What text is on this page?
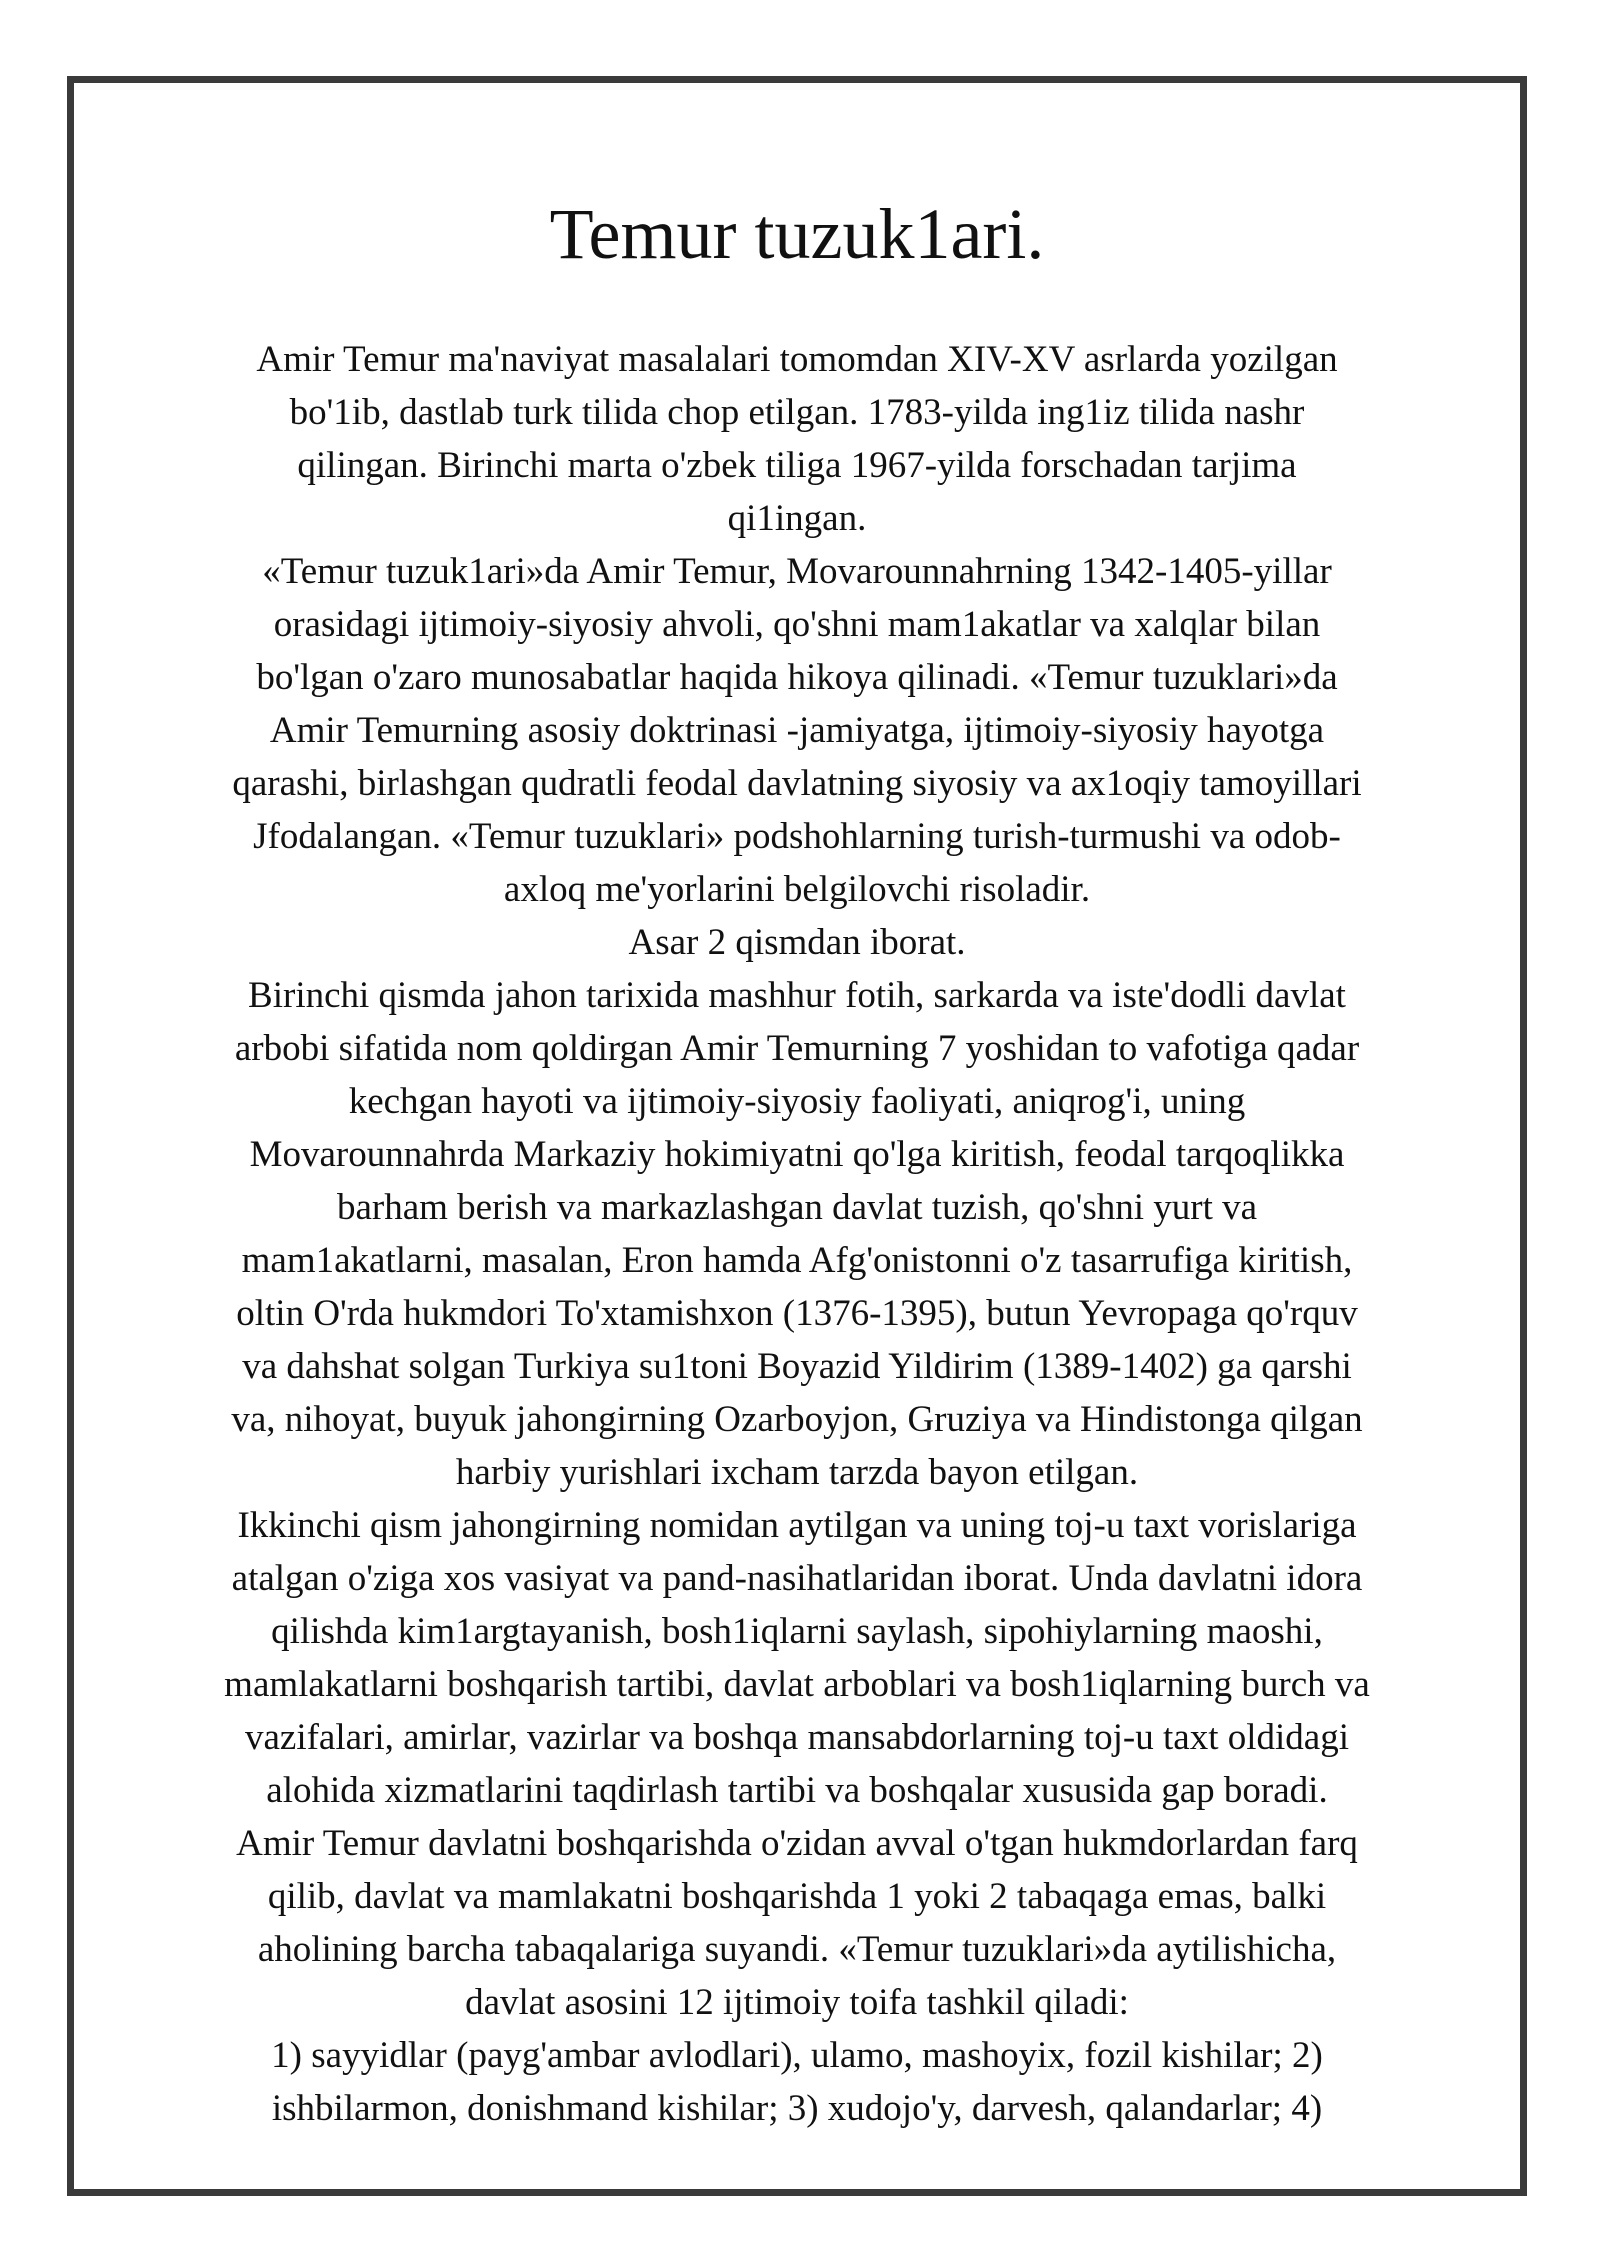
Temur tuzuk1ari.
Amir Temur ma'naviyat masalalari tomomdan XIV-XV asrlarda yozilgan
bo'1ib, dastlab turk tilida chop etilgan. 1783-yilda ing1iz tilida nashr
qilingan. Birinchi marta o'zbek tiliga 1967-yilda forschadan tarjima
qi1ingan.
«Temur tuzuk1ari»da Amir Temur, Movarounnahrning 1342-1405-yillar
orasidagi ijtimoiy-siyosiy ahvoli, qo'shni mam1akatlar va xalqlar bilan
bo'lgan o'zaro munosabatlar haqida hikoya qilinadi. «Temur tuzuklari»da
Amir Temurning asosiy doktrinasi -jamiyatga, ijtimoiy-siyosiy hayotga
qarashi, birlashgan qudratli feodal davlatning siyosiy va ax1oqiy tamoyillari
Jfodalangan. «Temur tuzuklari» podshohlarning turish-turmushi va odob-
axloq me'yorlarini belgilovchi risoladir.
Asar 2 qismdan iborat.
Birinchi qismda jahon tarixida mashhur fotih, sarkarda va iste'dodli davlat
arbobi sifatida nom qoldirgan Amir Temurning 7 yoshidan to vafotiga qadar
kechgan hayoti va ijtimoiy-siyosiy faoliyati, aniqrog'i, uning
Movarounnahrda Markaziy hokimiyatni qo'lga kiritish, feodal tarqoqlikka
barham berish va markazlashgan davlat tuzish, qo'shni yurt va
mam1akatlarni, masalan, Eron hamda Afg'onistonni o'z tasarrufiga kiritish,
oltin O'rda hukmdori To'xtamishxon (1376-1395), butun Yevropaga qo'rquv
va dahshat solgan Turkiya su1toni Boyazid Yildirim (1389-1402) ga qarshi
va, nihoyat, buyuk jahongirning Ozarboyjon, Gruziya va Hindistonga qilgan
harbiy yurishlari ixcham tarzda bayon etilgan.
Ikkinchi qism jahongirning nomidan aytilgan va uning toj-u taxt vorislariga
atalgan o'ziga xos vasiyat va pand-nasihatlaridan iborat. Unda davlatni idora
qilishda kim1argtayanish, bosh1iqlarni saylash, sipohiylarning maoshi,
mamlakatlarni boshqarish tartibi, davlat arboblari va bosh1iqlarning burch va
vazifalari, amirlar, vazirlar va boshqa mansabdorlarning toj-u taxt oldidagi
alohida xizmatlarini taqdirlash tartibi va boshqalar xususida gap boradi.
Amir Temur davlatni boshqarishda o'zidan avval o'tgan hukmdorlardan farq
qilib, davlat va mamlakatni boshqarishda 1 yoki 2 tabaqaga emas, balki
aholining barcha tabaqalariga suyandi. «Temur tuzuklari»da aytilishicha,
davlat asosini 12 ijtimoiy toifa tashkil qiladi:
1) sayyidlar (payg'ambar avlodlari), ulamo, mashoyix, fozil kishilar; 2)
ishbilarmon, donishmand kishilar; 3) xudojo'y, darvesh, qalandarlar; 4)
